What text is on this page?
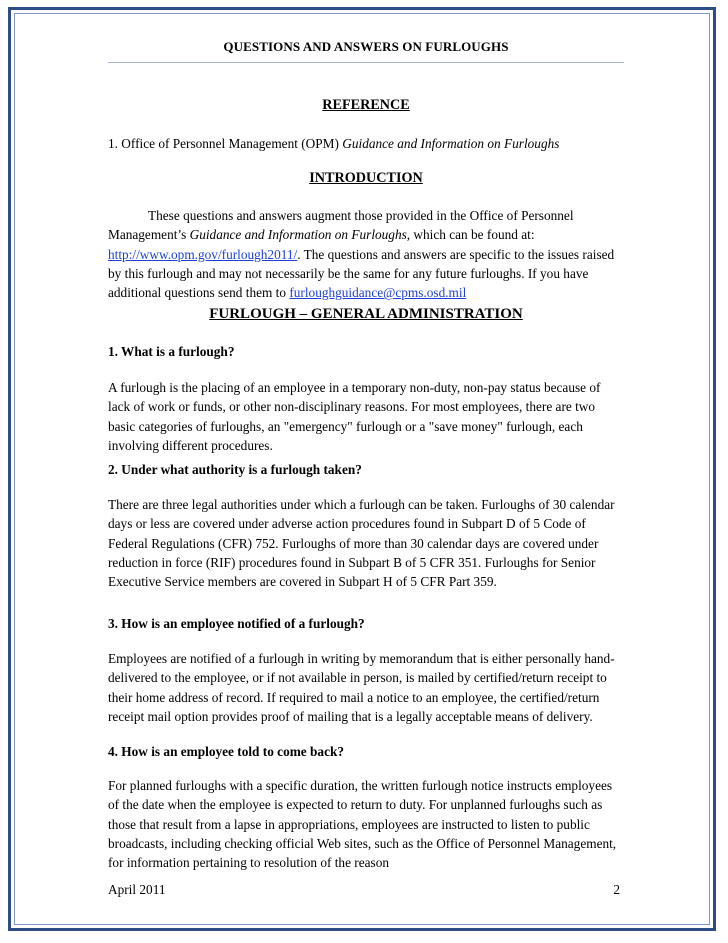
QUESTIONS AND ANSWERS ON FURLOUGHS
REFERENCE
1. Office of Personnel Management (OPM) Guidance and Information on Furloughs
INTRODUCTION
These questions and answers augment those provided in the Office of Personnel Management’s Guidance and Information on Furloughs, which can be found at: http://www.opm.gov/furlough2011/. The questions and answers are specific to the issues raised by this furlough and may not necessarily be the same for any future furloughs. If you have additional questions send them to furloughguidance@cpms.osd.mil
FURLOUGH – GENERAL ADMINISTRATION
1. What is a furlough?
A furlough is the placing of an employee in a temporary non-duty, non-pay status because of lack of work or funds, or other non-disciplinary reasons. For most employees, there are two basic categories of furloughs, an "emergency" furlough or a "save money" furlough, each involving different procedures.
2. Under what authority is a furlough taken?
There are three legal authorities under which a furlough can be taken. Furloughs of 30 calendar days or less are covered under adverse action procedures found in Subpart D of 5 Code of Federal Regulations (CFR) 752. Furloughs of more than 30 calendar days are covered under reduction in force (RIF) procedures found in Subpart B of 5 CFR 351. Furloughs for Senior Executive Service members are covered in Subpart H of 5 CFR Part 359.
3. How is an employee notified of a furlough?
Employees are notified of a furlough in writing by memorandum that is either personally hand-delivered to the employee, or if not available in person, is mailed by certified/return receipt to their home address of record. If required to mail a notice to an employee, the certified/return receipt mail option provides proof of mailing that is a legally acceptable means of delivery.
4. How is an employee told to come back?
For planned furloughs with a specific duration, the written furlough notice instructs employees of the date when the employee is expected to return to duty. For unplanned furloughs such as those that result from a lapse in appropriations, employees are instructed to listen to public broadcasts, including checking official Web sites, such as the Office of Personnel Management, for information pertaining to resolution of the reason
April 2011	2
